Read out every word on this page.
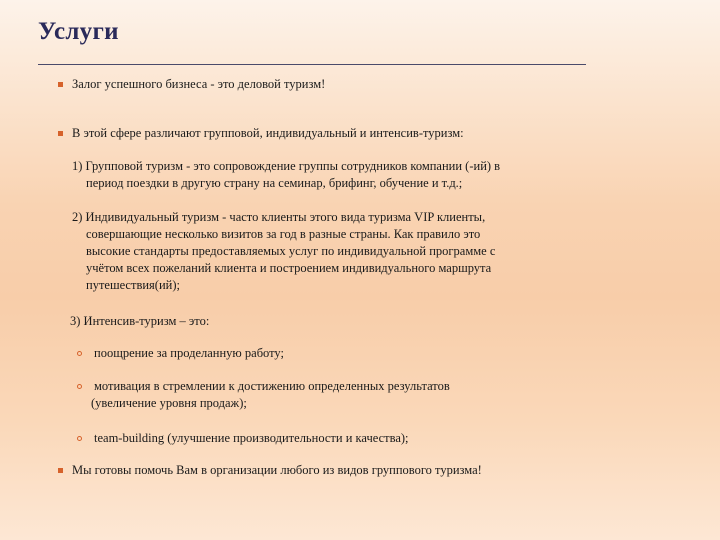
Услуги
Залог успешного бизнеса - это деловой туризм!
В этой сфере различают групповой, индивидуальный и интенсив-туризм:
1) Групповой туризм - это сопровождение группы сотрудников компании (-ий) в
период поездки в другую страну на семинар, брифинг, обучение и т.д.;
2) Индивидуальный туризм - часто клиенты этого вида туризма VIP клиенты,
совершающие несколько визитов за год в разные страны. Как правило это
высокие стандарты предоставляемых услуг по индивидуальной программе с
учётом всех пожеланий клиента и построением индивидуального маршрута
путешествия(ий);
3) Интенсив-туризм – это:
поощрение за проделанную работу;
мотивация в стремлении к достижению определенных результатов
(увеличение уровня продаж);
team-building (улучшение производительности и качества);
Мы готовы помочь Вам в организации любого из видов группового туризма!
